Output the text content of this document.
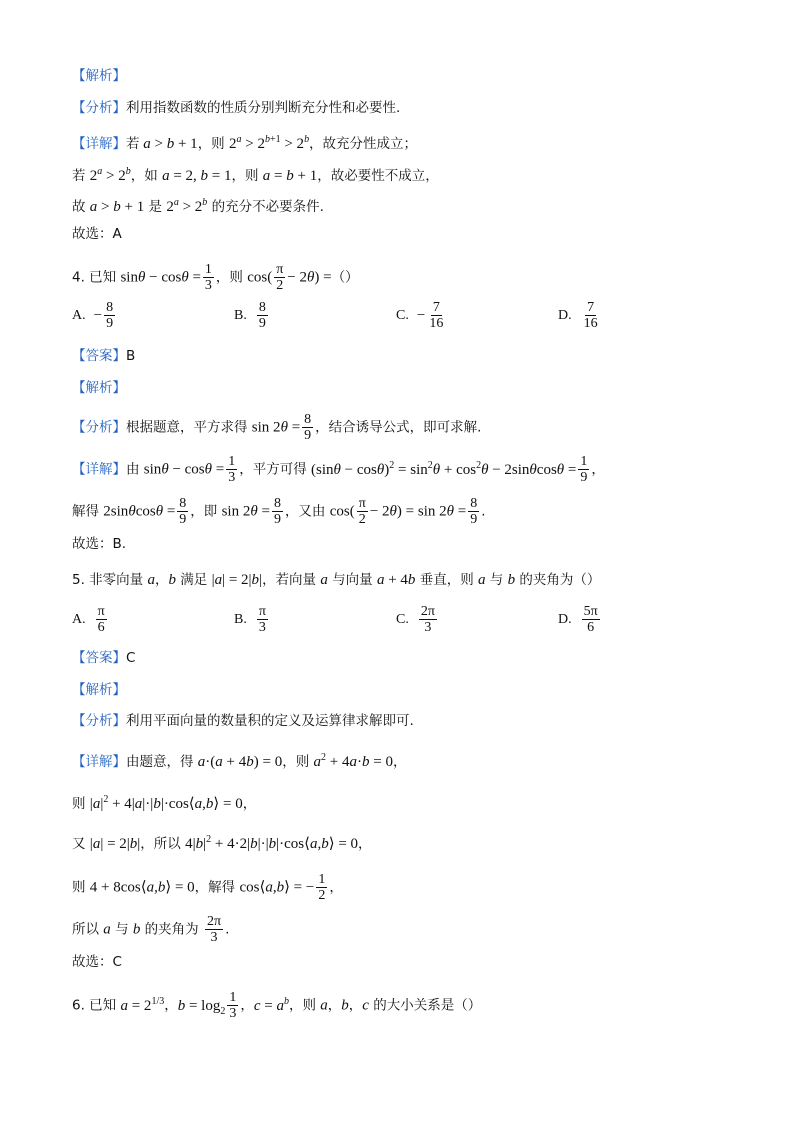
【解析】
【分析】利用指数函数的性质分别判断充分性和必要性.
【详解】若 a > b + 1，则 $2^a > 2^{b+1} > 2^b$，故充分性成立；
若 $2^a > 2^b$，如 a = 2, b = 1，则 a = b + 1，故必要性不成立，
故 a > b + 1 是 $2^a > 2^b$ 的充分不必要条件.
故选：A
4. 已知 $\sin\theta - \cos\theta = \frac{1}{3}$ ，则 $\cos( \frac{\pi}{2} - 2\theta)$ =（）
A. − $\frac{8}{9}$	B. $\frac{8}{9}$	C. − $\frac{7}{16}$	D. $\frac{7}{16}$
【答案】B
【解析】
【分析】根据题意，平方求得 $\sin 2\theta = \frac{8}{9}$ ，结合诱导公式，即可求解.
【详解】由 $\sin\theta - \cos\theta = \frac{1}{3}$ ，平方可得 $(\sin\theta - \cos\theta)^2 = \sin^2\theta + \cos^2\theta - 2\sin\theta\cos\theta = \frac{1}{9}$ ，
解得 $2\sin\theta\cos\theta = \frac{8}{9}$ ，即 $\sin 2\theta = \frac{8}{9}$ ，又由 $\cos( \frac{\pi}{2} - 2\theta) = \sin 2\theta = \frac{8}{9}$ .
故选：B.
5. 非零向量 a，b 满足 |a| = 2|b|，若向量 a 与向量 a + 4b 垂直，则 a 与 b 的夹角为（）
A. $\frac{\pi}{6}$	B. $\frac{\pi}{3}$	C. $\frac{2\pi}{3}$	D. $\frac{5\pi}{6}$
【答案】C
【解析】
【分析】利用平面向量的数量积的定义及运算律求解即可.
【详解】由题意，得 a·(a + 4b) = 0，则 $a^2 + 4a\cdot b = 0$，
则 $|a|^2$ + 4|a|·|b|·cos⟨a,b⟩ = 0，
又 |a| = 2|b|，所以 $4|b|^2$ + 4·2|b|·|b|·cos⟨a,b⟩ = 0，
则 4 + 8cos⟨a,b⟩ = 0，解得 cos⟨a,b⟩ = − $\frac{1}{2}$ ，
所以 a 与 b 的夹角为 $\frac{2\pi}{3}$ .
故选：C
6. 已知 $a = 2^{1/3}$，$b = \log_2 \frac{1}{3}$ ，$c = a^b$，则 a，b，c 的大小关系是（）
